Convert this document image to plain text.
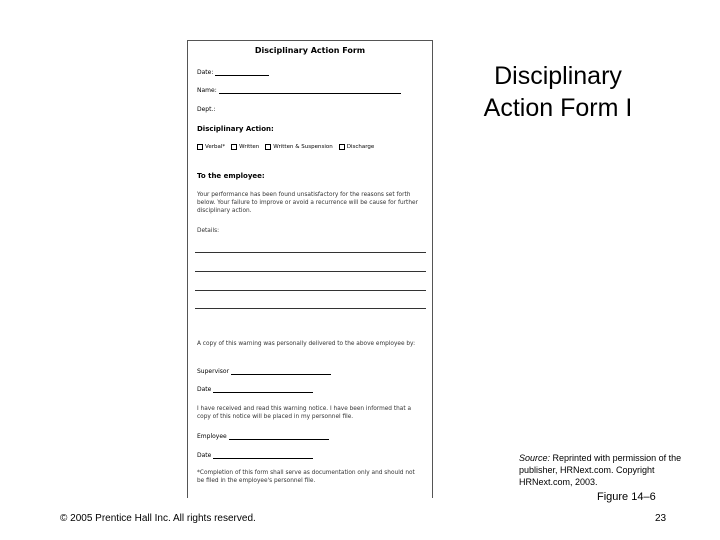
Disciplinary Action Form
Date:
Name:
Dept.:
Disciplinary Action:
Verbal*	Written	Written & Suspension	Discharge
To the employee:
Your performance has been found unsatisfactory for the reasons set forth below. Your failure to improve or avoid a recurrence will be cause for further disciplinary action.
Details:
A copy of this warning was personally delivered to the above employee by:
Supervisor
Date
I have received and read this warning notice. I have been informed that a copy of this notice will be placed in my personnel file.
Employee
Date
*Completion of this form shall serve as documentation only and should not be filed in the employee's personnel file.
Disciplinary Action Form I
Source: Reprinted with permission of the publisher, HRNext.com. Copyright HRNext.com, 2003.
Figure 14–6
© 2005 Prentice Hall Inc. All rights reserved.	23
